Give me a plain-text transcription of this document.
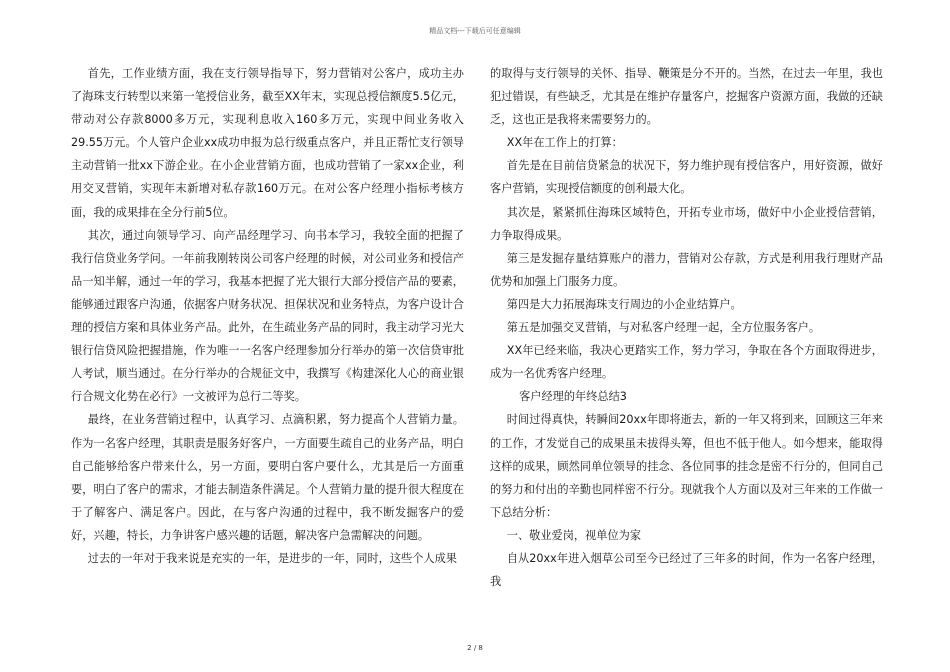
精品文档---下载后可任意编辑

首先，工作业绩方面，我在支行领导指导下，努力营销对公客户，成功主办了海珠支行转型以来第一笔授信业务，截至XX年末，实现总授信额度5.5亿元，带动对公存款8000多万元，实现利息收入160多万元，实现中间业务收入29.55万元。个人管户企业xx成功申报为总行级重点客户，并且正帮忙支行领导主动营销一批xx下游企业。在小企业营销方面，也成功营销了一家xx企业，利用交叉营销，实现年末新增对私存款160万元。在对公客户经理小指标考核方面，我的成果排在全分行前5位。

其次，通过向领导学习、向产品经理学习、向书本学习，我较全面的把握了我行信贷业务学问。一年前我刚转岗公司客户经理的时候，对公司业务和授信产品一知半解，通过一年的学习，我基本把握了光大银行大部分授信产品的要素，能够通过跟客户沟通，依据客户财务状况、担保状况和业务特点，为客户设计合理的授信方案和具体业务产品。此外，在生疏业务产品的同时，我主动学习光大银行信贷风险把握措施，作为唯一一名客户经理参加分行举办的第一次信贷审批人考试，顺当通过。在分行举办的合规征文中，我撰写《构建深化人心的商业银行合规文化势在必行》一文被评为总行二等奖。

最终，在业务营销过程中，认真学习、点滴积累，努力提高个人营销力量。作为一名客户经理，其职责是服务好客户，一方面要生疏自己的业务产品，明白自己能够给客户带来什么，另一方面，要明白客户要什么，尤其是后一方面重要，明白了客户的需求，才能去制造条件满足。个人营销力量的提升很大程度在于了解客户、满足客户。因此，在与客户沟通的过程中，我不断发掘客户的爱好，兴趣，特长，力争讲客户感兴趣的话题，解决客户急需解决的问题。

过去的一年对于我来说是充实的一年，是进步的一年，同时，这些个人成果

的取得与支行领导的关怀、指导、鞭策是分不开的。当然，在过去一年里，我也犯过错误，有些缺乏，尤其是在维护存量客户，挖掘客户资源方面，我做的还缺乏，这也正是我将来需要努力的。

XX年在工作上的打算：

首先是在目前信贷紧急的状况下，努力维护现有授信客户，用好资源，做好客户营销，实现授信额度的创利最大化。

其次是，紧紧抓住海珠区域特色，开拓专业市场，做好中小企业授信营销，力争取得成果。

第三是发掘存量结算账户的潜力，营销对公存款，方式是利用我行理财产品优势和加强上门服务力度。

第四是大力拓展海珠支行周边的小企业结算户。

第五是加强交叉营销，与对私客户经理一起，全方位服务客户。

XX年已经来临，我决心更踏实工作，努力学习，争取在各个方面取得进步，成为一名优秀客户经理。

客户经理的年终总结3

时间过得真快，转瞬间20xx年即将逝去，新的一年又将到来，回顾这三年来的工作，才发觉自己的成果虽未拔得头筹，但也不低于他人。如今想来，能取得这样的成果，顾然同单位领导的挂念、各位同事的挂念是密不行分的，但同自己的努力和付出的辛勤也同样密不行分。现就我个人方面以及对三年来的工作做一下总结分析：

一、敬业爱岗，视单位为家

自从20xx年进入烟草公司至今已经过了三年多的时间，作为一名客户经理，我

2 / 8
